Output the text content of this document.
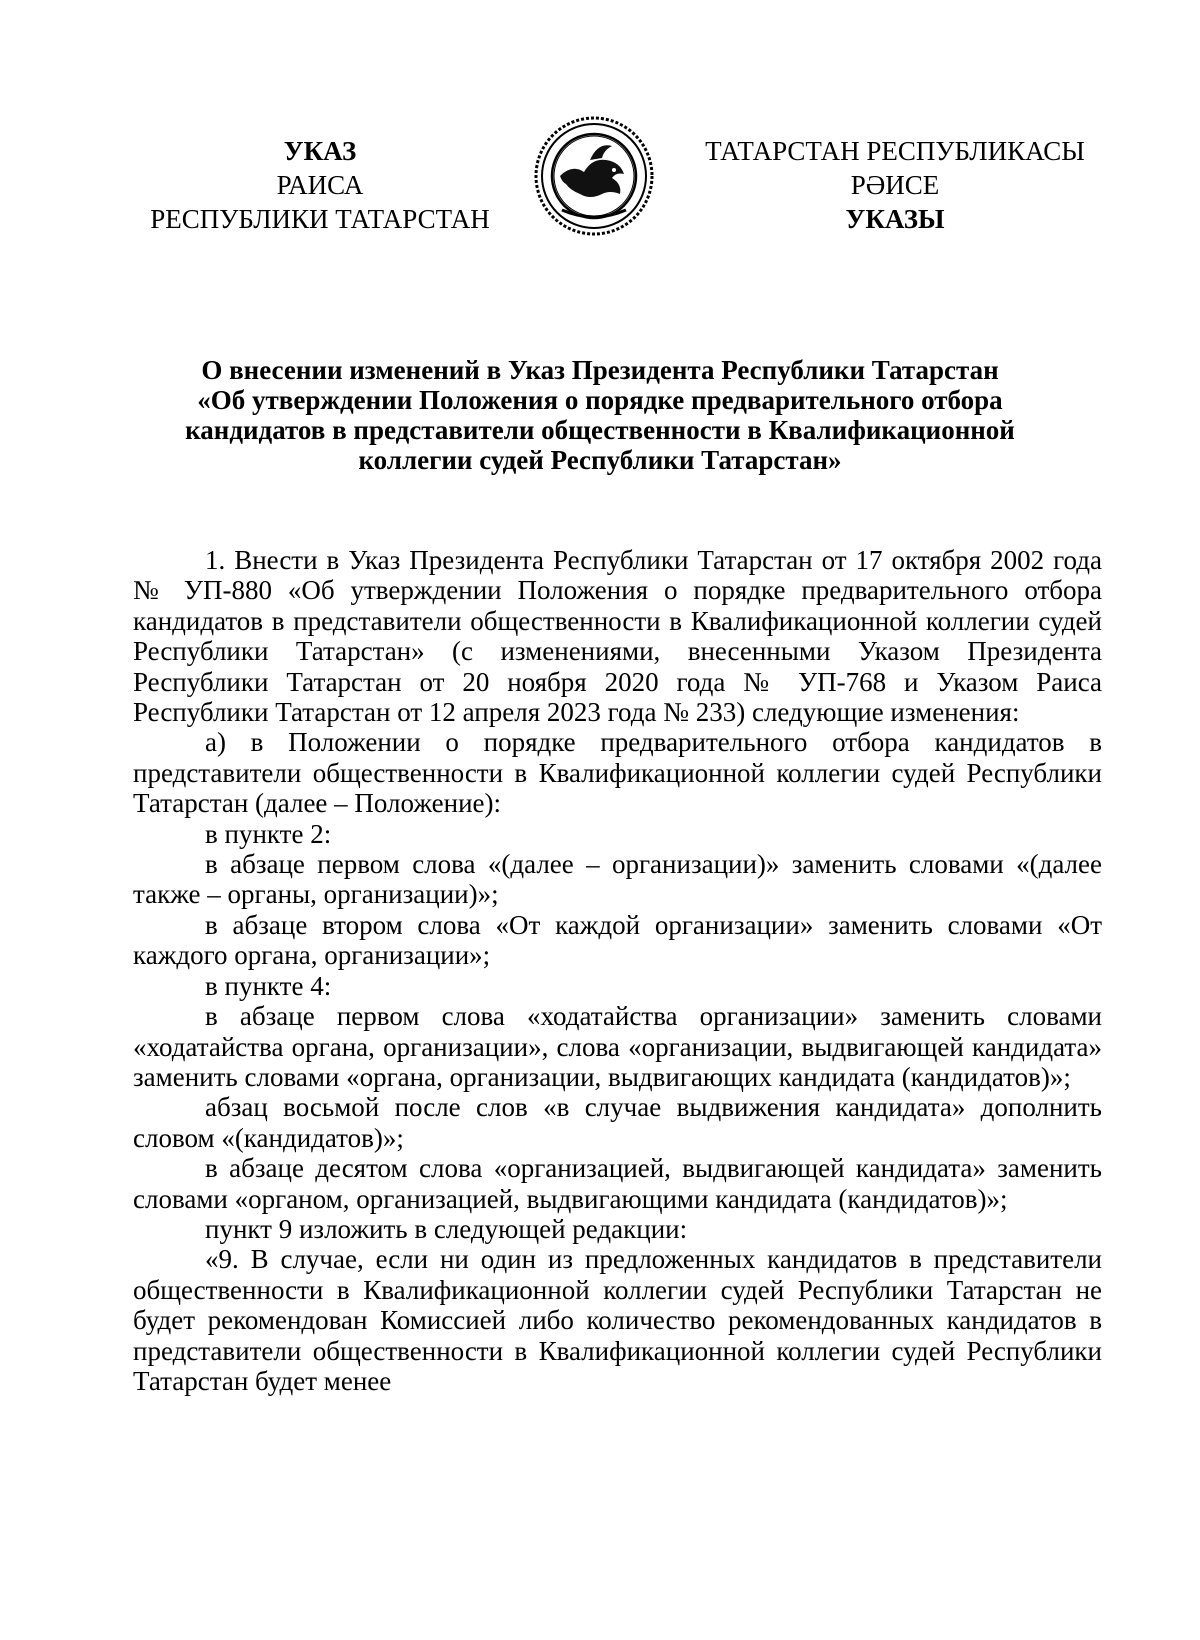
УКАЗ
РАИСА
РЕСПУБЛИКИ ТАТАРСТАН
ТАТАРСТАН РЕСПУБЛИКАСЫ
РӘИСЕ
УКАЗЫ
О внесении изменений в Указ Президента Республики Татарстан
«Об утверждении Положения о порядке предварительного отбора
кандидатов в представители общественности в Квалификационной
коллегии судей Республики Татарстан»

1. Внести в Указ Президента Республики Татарстан от 17 октября 2002 года № УП-880 «Об утверждении Положения о порядке предварительного отбора кандидатов в представители общественности в Квалификационной коллегии судей Республики Татарстан» (с изменениями, внесенными Указом Президента Республики Татарстан от 20 ноября 2020 года № УП-768 и Указом Раиса Республики Татарстан от 12 апреля 2023 года № 233) следующие изменения:

а) в Положении о порядке предварительного отбора кандидатов в представители общественности в Квалификационной коллегии судей Республики Татарстан (далее – Положение):

в пункте 2:

в абзаце первом слова «(далее – организации)» заменить словами «(далее также – органы, организации)»;

в абзаце втором слова «От каждой организации» заменить словами «От каждого органа, организации»;

в пункте 4:

в абзаце первом слова «ходатайства организации» заменить словами «ходатайства органа, организации», слова «организации, выдвигающей кандидата» заменить словами «органа, организации, выдвигающих кандидата (кандидатов)»;

абзац восьмой после слов «в случае выдвижения кандидата» дополнить словом «(кандидатов)»;

в абзаце десятом слова «организацией, выдвигающей кандидата» заменить словами «органом, организацией, выдвигающими кандидата (кандидатов)»;

пункт 9 изложить в следующей редакции:

«9. В случае, если ни один из предложенных кандидатов в представители общественности в Квалификационной коллегии судей Республики Татарстан не будет рекомендован Комиссией либо количество рекомендованных кандидатов в представители общественности в Квалификационной коллегии судей Республики Татарстан будет менее
